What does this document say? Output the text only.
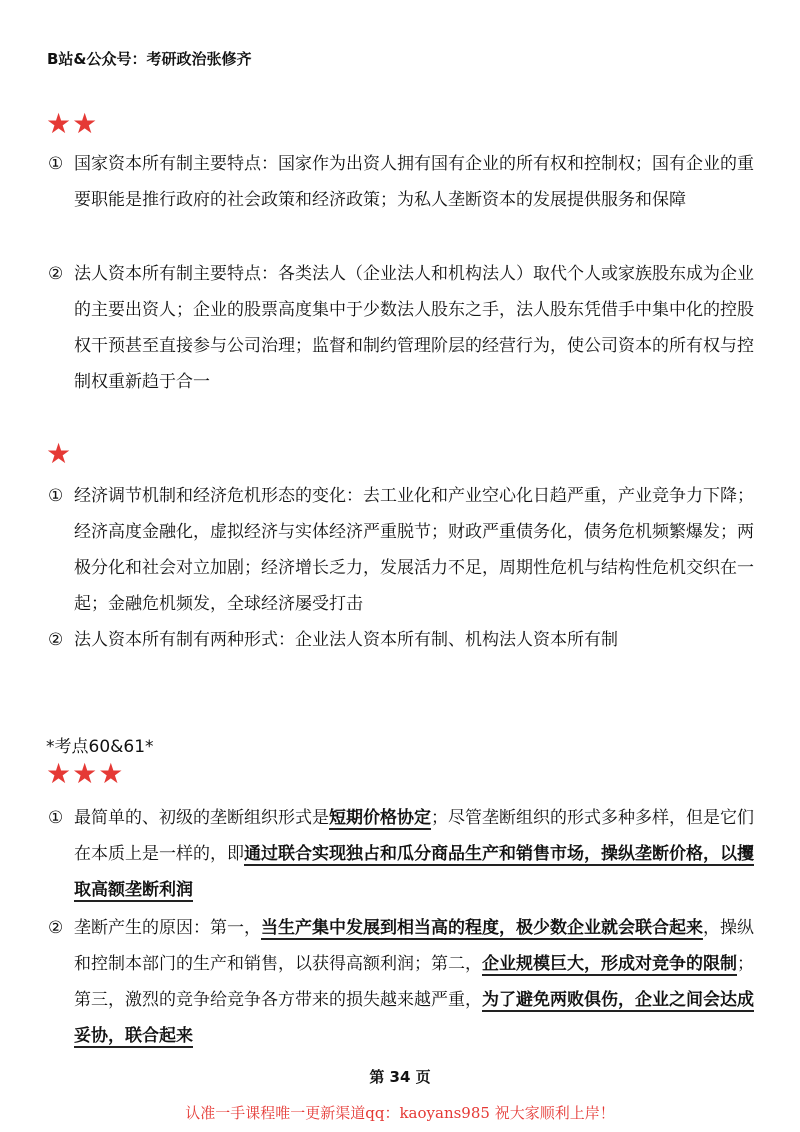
B站&公众号：考研政治张修齐
★★
① 国家资本所有制主要特点：国家作为出资人拥有国有企业的所有权和控制权；国有企业的重要职能是推行政府的社会政策和经济政策；为私人垄断资本的发展提供服务和保障
② 法人资本所有制主要特点：各类法人（企业法人和机构法人）取代个人或家族股东成为企业的主要出资人；企业的股票高度集中于少数法人股东之手，法人股东凭借手中集中化的控股权干预甚至直接参与公司治理；监督和制约管理阶层的经营行为，使公司资本的所有权与控制权重新趋于合一
★
① 经济调节机制和经济危机形态的变化：去工业化和产业空心化日趋严重，产业竞争力下降；经济高度金融化，虚拟经济与实体经济严重脱节；财政严重债务化，债务危机频繁爆发；两极分化和社会对立加剧；经济增长乏力，发展活力不足，周期性危机与结构性危机交织在一起；金融危机频发，全球经济屡受打击
② 法人资本所有制有两种形式：企业法人资本所有制、机构法人资本所有制
*考点60&61*
★★★
① 最简单的、初级的垄断组织形式是短期价格协定；尽管垄断组织的形式多种多样，但是它们在本质上是一样的，即通过联合实现独占和瓜分商品生产和销售市场，操纵垄断价格，以攫取高额垄断利润
② 垄断产生的原因：第一，当生产集中发展到相当高的程度，极少数企业就会联合起来，操纵和控制本部门的生产和销售，以获得高额利润；第二，企业规模巨大，形成对竞争的限制；第三，激烈的竞争给竞争各方带来的损失越来越严重，为了避免两败俱伤，企业之间会达成妥协，联合起来
第 34 页
认准一手课程唯一更新渠道qq：kaoyans985 祝大家顺利上岸！
